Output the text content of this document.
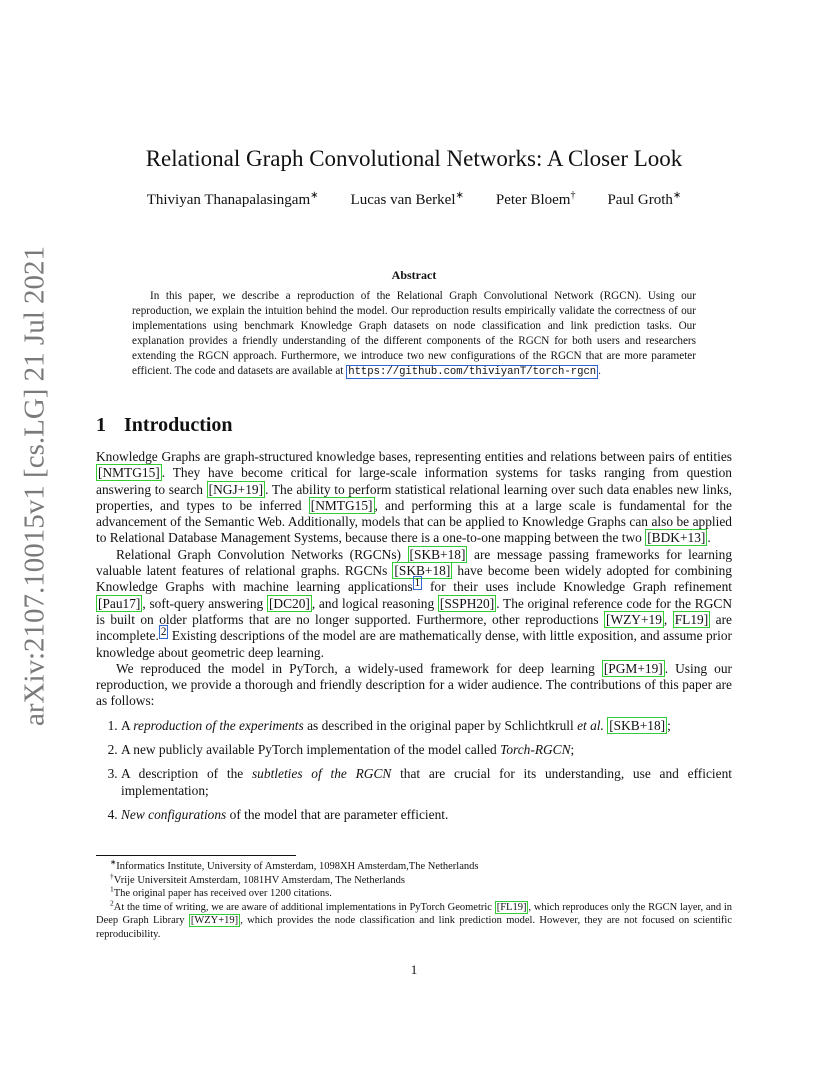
arXiv:2107.10015v1 [cs.LG] 21 Jul 2021
Relational Graph Convolutional Networks: A Closer Look
Thiviyan Thanapalasingam∗ Lucas van Berkel∗ Peter Bloem† Paul Groth∗
Abstract

In this paper, we describe a reproduction of the Relational Graph Convolutional Network (RGCN). Using our reproduction, we explain the intuition behind the model. Our reproduction results empirically validate the correctness of our implementations using benchmark Knowledge Graph datasets on node classification and link prediction tasks. Our explanation provides a friendly understanding of the different components of the RGCN for both users and researchers extending the RGCN approach. Furthermore, we introduce two new configurations of the RGCN that are more parameter efficient. The code and datasets are available at https://github.com/thiviyanT/torch-rgcn .

1 Introduction

Knowledge Graphs are graph-structured knowledge bases, representing entities and relations between pairs of entities [NMTG15] . They have become critical for large-scale information systems for tasks ranging from question answering to search [NGJ+19] . The ability to perform statistical relational learning over such data enables new links, properties, and types to be inferred [NMTG15] , and performing this at a large scale is fundamental for the advancement of the Semantic Web. Additionally, models that can be applied to Knowledge Graphs can also be applied to Relational Database Management Systems, because there is a one-to-one mapping between the two [BDK+13] .

Relational Graph Convolution Networks (RGCNs) [SKB+18] are message passing frameworks for learning valuable latent features of relational graphs. RGCNs [SKB+18] have become been widely adopted for combining Knowledge Graphs with machine learning applications $^1$ for their uses include Knowledge Graph refinement [Pau17] , soft-query answering [DC20] , and logical reasoning [SSPH20] . The original reference code for the RGCN is built on older platforms that are no longer supported. Furthermore, other reproductions [WZY+19 , FL19] are incomplete. $^2$ Existing descriptions of the model are are mathematically dense, with little exposition, and assume prior knowledge about geometric deep learning.

We reproduced the model in PyTorch, a widely-used framework for deep learning [PGM+19] . Using our reproduction, we provide a thorough and friendly description for a wider audience. The contributions of this paper are as follows:

1. A reproduction of the experiments as described in the original paper by Schlichtkrull et al. [SKB+18] ;
2. A new publicly available PyTorch implementation of the model called Torch-RGCN;
3. A description of the subtleties of the RGCN that are crucial for its understanding, use and efficient implementation;
4. New configurations of the model that are parameter efficient.

∗Informatics Institute, University of Amsterdam, 1098XH Amsterdam,The Netherlands

†Vrije Universiteit Amsterdam, 1081HV Amsterdam, The Netherlands

$^1$The original paper has received over 1200 citations.

$^2$At the time of writing, we are aware of additional implementations in PyTorch Geometric [FL19] , which reproduces only the RGCN layer, and in Deep Graph Library [WZY+19] , which provides the node classification and link prediction model. However, they are not focused on scientific reproducibility.

1
